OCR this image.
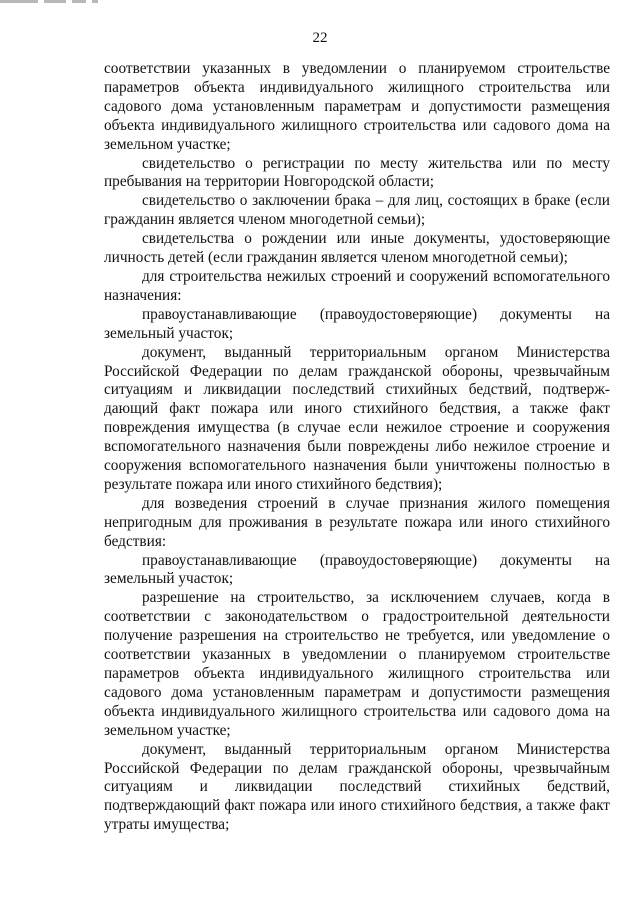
22

соответствии указанных в уведомлении о планируемом строительстве параметров объекта индивидуального жилищного строительства или садового дома установленным параметрам и допустимости размещения объекта индивидуального жилищного строительства или садового дома на земельном участке;

свидетельство о регистрации по месту жительства или по месту пребывания на территории Новгородской области;

свидетельство о заключении брака – для лиц, состоящих в браке (если гражданин является членом многодетной семьи);

свидетельства о рождении или иные документы, удостоверяющие личность детей (если гражданин является членом многодетной семьи);

для строительства нежилых строений и сооружений вспомогательного назначения:

правоустанавливающие (правоудостоверяющие) документы на земельный участок;

документ, выданный территориальным органом Министерства Российской Федерации по делам гражданской обороны, чрезвычайным ситуациям и ликвидации последствий стихийных бедствий, подтверж-дающий факт пожара или иного стихийного бедствия, а также факт повреждения имущества (в случае если нежилое строение и сооружения вспомогательного назначения были повреждены либо нежилое строение и сооружения вспомогательного назначения были уничтожены полностью в результате пожара или иного стихийного бедствия);

для возведения строений в случае признания жилого помещения непригодным для проживания в результате пожара или иного стихийного бедствия:

правоустанавливающие (правоудостоверяющие) документы на земельный участок;

разрешение на строительство, за исключением случаев, когда в соответствии с законодательством о градостроительной деятельности получение разрешения на строительство не требуется, или уведомление о соответствии указанных в уведомлении о планируемом строительстве параметров объекта индивидуального жилищного строительства или садового дома установленным параметрам и допустимости размещения объекта индивидуального жилищного строительства или садового дома на земельном участке;

документ, выданный территориальным органом Министерства Российской Федерации по делам гражданской обороны, чрезвычайным ситуациям и ликвидации последствий стихийных бедствий, подтверждающий факт пожара или иного стихийного бедствия, а также факт утраты имущества;
